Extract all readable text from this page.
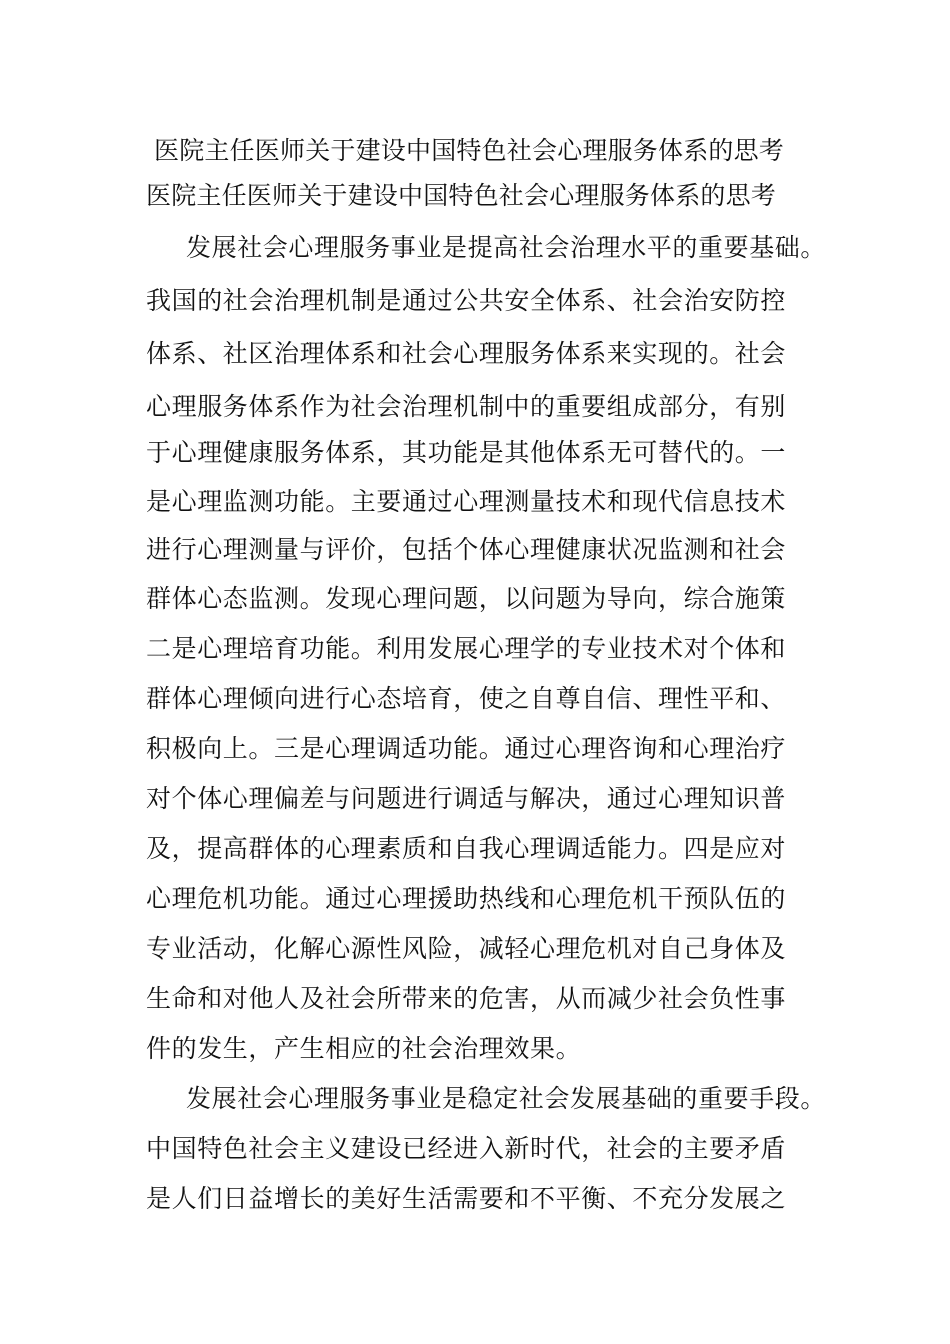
医院主任医师关于建设中国特色社会心理服务体系的思考
医院主任医师关于建设中国特色社会心理服务体系的思考
发展社会心理服务事业是提高社会治理水平的重要基础。
我国的社会治理机制是通过公共安全体系、社会治安防控
体系、社区治理体系和社会心理服务体系来实现的。社会
心理服务体系作为社会治理机制中的重要组成部分，有别
于心理健康服务体系，其功能是其他体系无可替代的。一
是心理监测功能。主要通过心理测量技术和现代信息技术
进行心理测量与评价，包括个体心理健康状况监测和社会
群体心态监测。发现心理问题，以问题为导向，综合施策
二是心理培育功能。利用发展心理学的专业技术对个体和
群体心理倾向进行心态培育，使之自尊自信、理性平和、
积极向上。三是心理调适功能。通过心理咨询和心理治疗
对个体心理偏差与问题进行调适与解决，通过心理知识普
及，提高群体的心理素质和自我心理调适能力。四是应对
心理危机功能。通过心理援助热线和心理危机干预队伍的
专业活动，化解心源性风险，减轻心理危机对自己身体及
生命和对他人及社会所带来的危害，从而减少社会负性事
件的发生，产生相应的社会治理效果。
发展社会心理服务事业是稳定社会发展基础的重要手段。
中国特色社会主义建设已经进入新时代，社会的主要矛盾
是人们日益增长的美好生活需要和不平衡、不充分发展之
